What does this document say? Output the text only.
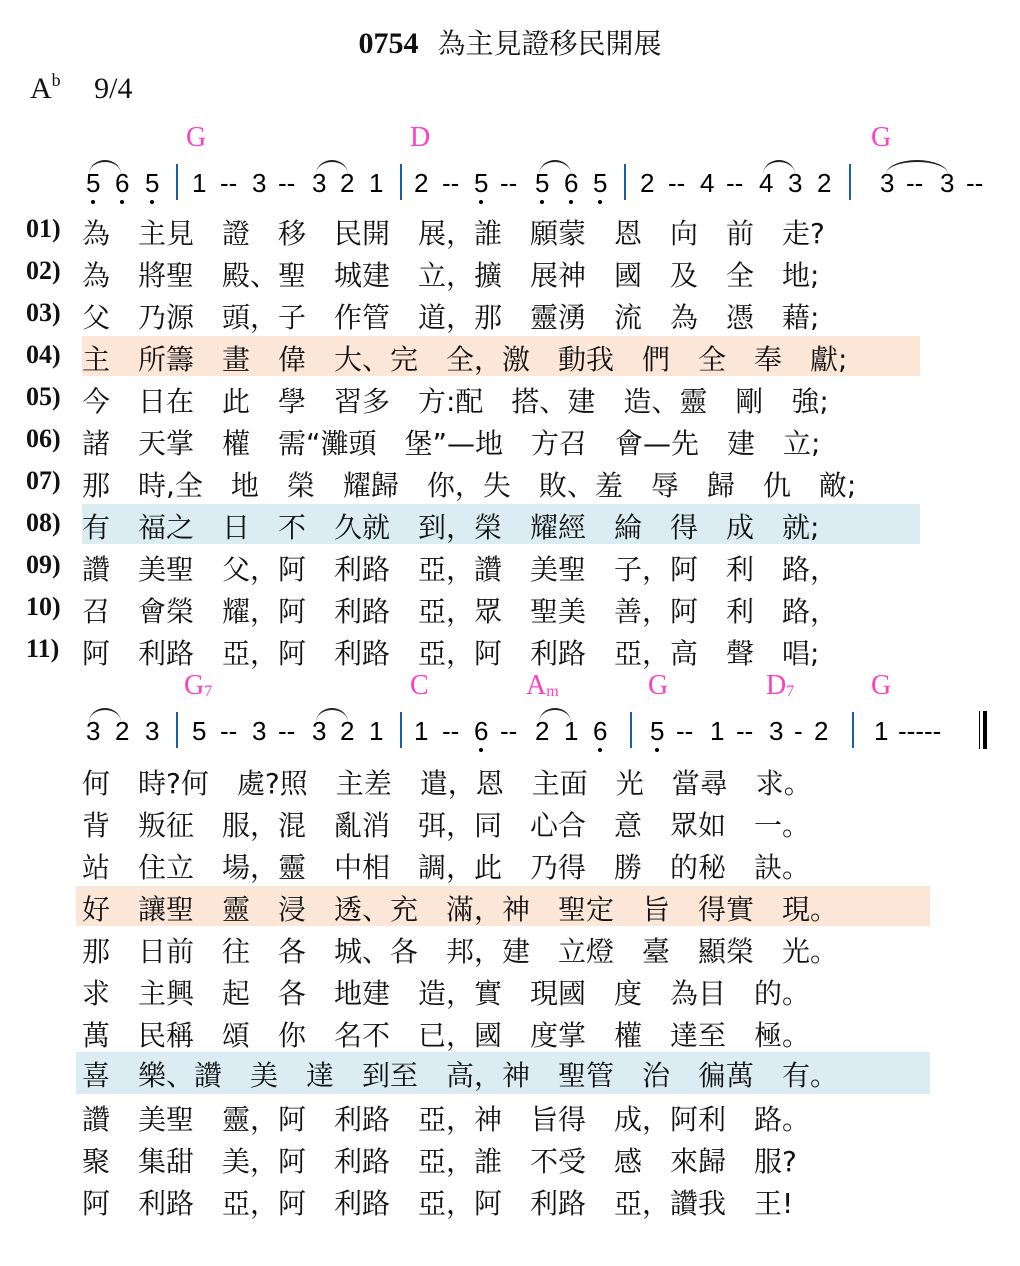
0754 為主見證移民開展
$A^b$ 9/4
G	D	G
5 6 5 1 -- 3 -- 3 2 1 2 -- 5 -- 5 6 5 2 -- 4 -- 4 3 2 3 -- 3 --
01) 為　主見　證　移　民開　展，誰　願蒙　恩　向　前　走?
02) 為　將聖　殿、聖　城建　立，擴　展神　國　及　全　地;
03) 父　乃源　頭，子　作管　道，那　靈湧　流　為　憑　藉;
04) 主　所籌　畫　偉　大、完　全，激　動我　們　全　奉　獻;
05) 今　日在　此　學　習多　方:配　搭、建　造、靈　剛　強;
06) 諸　天掌　權　需“灘頭　堡”—地　方召　會—先　建　立;
07) 那　時,全　地　榮　耀歸　你，失　敗、羞　辱　歸　仇　敵;
08) 有　福之　日　不　久就　到，榮　耀經　綸　得　成　就;
09) 讚　美聖　父，阿　利路　亞，讚　美聖　子，阿　利　路，
10) 召　會榮　耀，阿　利路　亞，眾　聖美　善，阿　利　路，
11) 阿　利路　亞，阿　利路　亞，阿　利路　亞，高　聲　唱;
$G_7$	C	$A_m$	G	$D_7$	G
3 2 3 5 -- 3 -- 3 2 1 1 -- 6 -- 2 1 6 5 -- 1 -- 3 - 2 1 -----
何　時?何　處?照　主差　遣，恩　主面　光　當尋　求。
背　叛征　服，混　亂消　弭，同　心合　意　眾如　一。
站　住立　場，靈　中相　調，此　乃得　勝　的秘　訣。
好　讓聖　靈　浸　透、充　滿，神　聖定　旨　得實　現。
那　日前　往　各　城、各　邦，建　立燈　臺　顯榮　光。
求　主興　起　各　地建　造，實　現國　度　為目　的。
萬　民稱　頌　你　名不　已，國　度掌　權　達至　極。
喜　樂、讚　美　達　到至　高，神　聖管　治　徧萬　有。
讚　美聖　靈，阿　利路　亞，神　旨得　成，阿利　路。
聚　集甜　美，阿　利路　亞，誰　不受　感　來歸　服?
阿　利路　亞，阿　利路　亞，阿　利路　亞，讚我　王!
